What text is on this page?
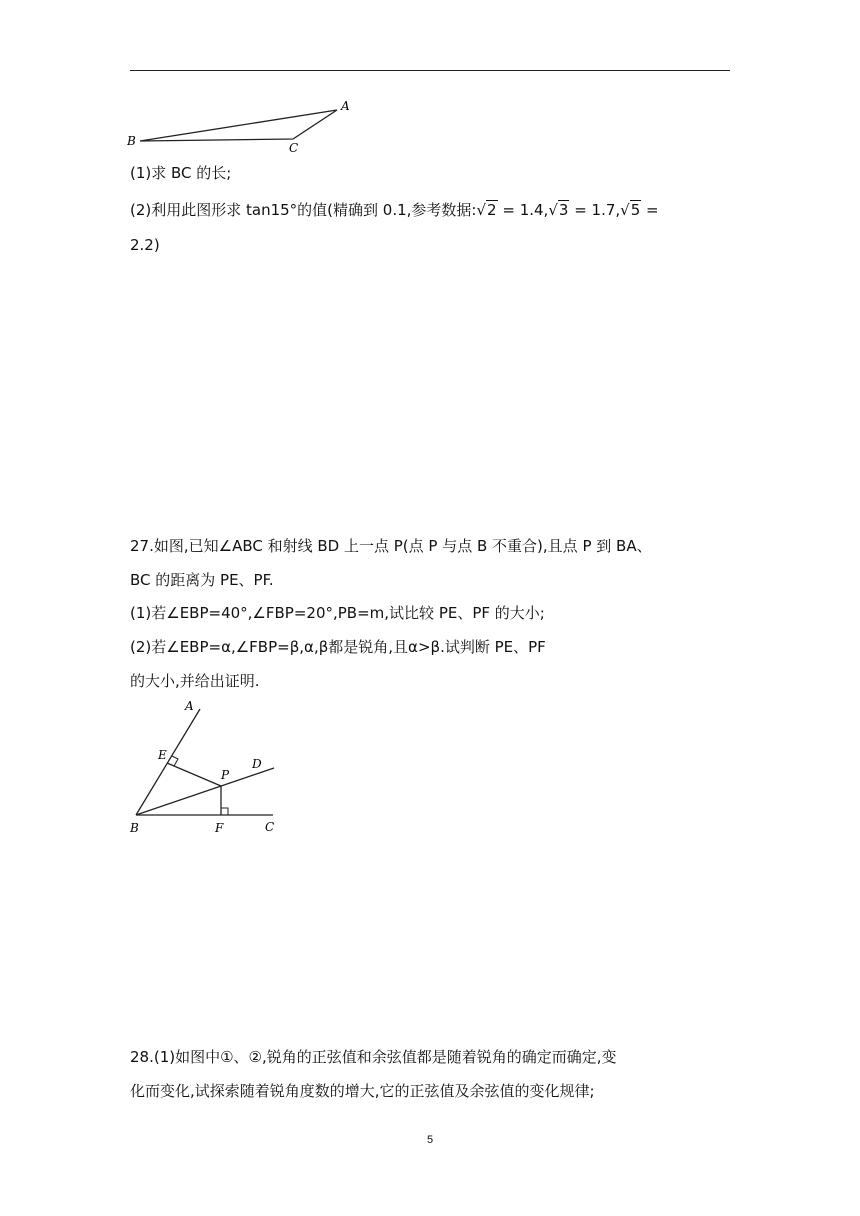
A
B	C
(1)求 BC 的长;
(2)利用此图形求 tan15°的值(精确到 0.1,参考数据:√2 = 1.4,√3 = 1.7,√5 =
2.2)
27.如图,已知∠ABC 和射线 BD 上一点 P(点 P 与点 B 不重合),且点 P 到 BA、
BC 的距离为 PE、PF.
(1)若∠EBP=40°,∠FBP=20°,PB=m,试比较 PE、PF 的大小;
(2)若∠EBP=α,∠FBP=β,α,β都是锐角,且α>β.试判断 PE、PF
的大小,并给出证明.
A
E
P
D
B	F	C
28.(1)如图中①、②,锐角的正弦值和余弦值都是随着锐角的确定而确定,变
化而变化,试探索随着锐角度数的增大,它的正弦值及余弦值的变化规律;
5
